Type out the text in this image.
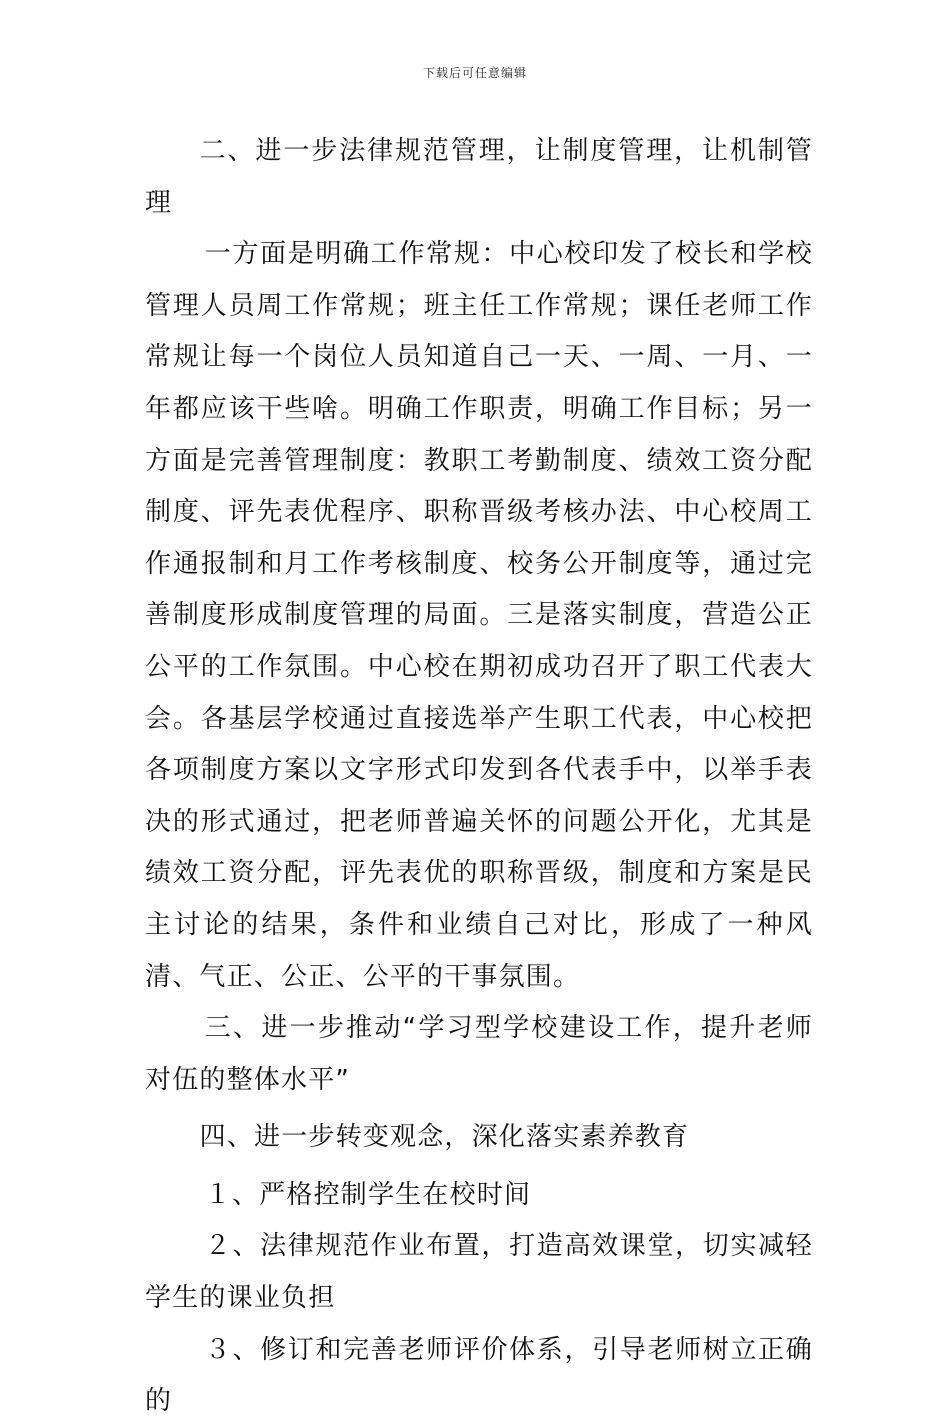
下载后可任意编辑

二、进一步法律规范管理，让制度管理，让机制管理

一方面是明确工作常规：中心校印发了校长和学校管理人员周工作常规；班主任工作常规；课任老师工作常规让每一个岗位人员知道自己一天、一周、一月、一年都应该干些啥。明确工作职责，明确工作目标；另一方面是完善管理制度：教职工考勤制度、绩效工资分配制度、评先表优程序、职称晋级考核办法、中心校周工作通报制和月工作考核制度、校务公开制度等，通过完善制度形成制度管理的局面。三是落实制度，营造公正公平的工作氛围。中心校在期初成功召开了职工代表大会。各基层学校通过直接选举产生职工代表，中心校把各项制度方案以文字形式印发到各代表手中，以举手表决的形式通过，把老师普遍关怀的问题公开化，尤其是绩效工资分配，评先表优的职称晋级，制度和方案是民主讨论的结果，条件和业绩自己对比，形成了一种风清、气正、公正、公平的干事氛围。

三、进一步推动“学习型学校建设工作，提升老师对伍的整体水平”

四、进一步转变观念，深化落实素养教育

１、严格控制学生在校时间

２、法律规范作业布置，打造高效课堂，切实减轻学生的课业负担

３、修订和完善老师评价体系，引导老师树立正确的
